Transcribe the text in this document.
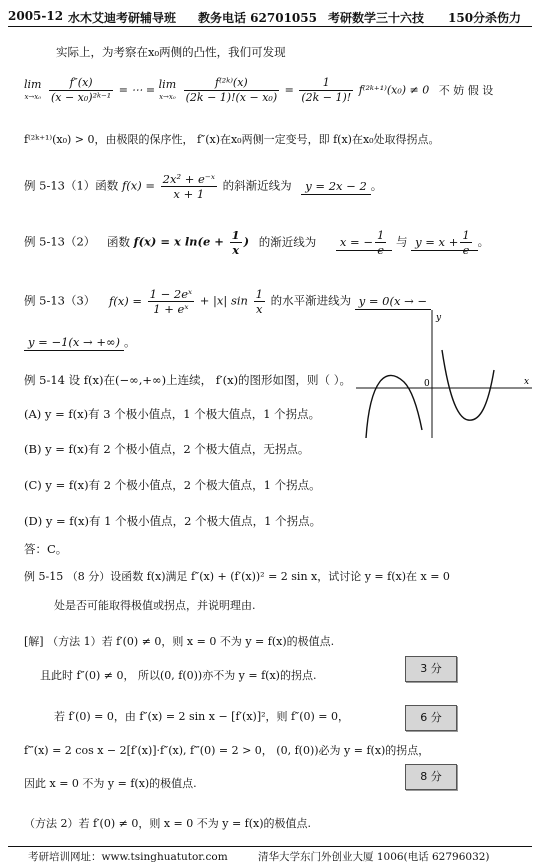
2005-12 水木艾迪考研辅导班 教务电话 62701055 考研数学三十六技 150分杀伤力
实际上，为考察在x₀两侧的凸性，我们可发现
lim
x→x₀
$\frac{f''(x)}{\text{(x − x₀)²ᵏ⁻¹}}$ = ⋯ = lim
x→x₀
$\frac{\text{f⁽²ᵏ⁾(x)}}{\text{(2k − 1)!(x − x₀)}} = \frac{1}{(2k - 1)!}$ f⁽²ᵏ⁺¹⁾(x₀) ≠ 0 不 妨 假 设
f⁽²ᵏ⁺¹⁾(x₀) > 0，由极限的保序性， f″(x)在x₀两侧一定变号，即 f(x)在x₀处取得拐点。
例 5-13（1）函数 $f(x) = \frac{\text{2x² + e⁻ˣ}}{x + 1}$ 的斜渐近线为 y = 2x − 2 。
例 5-13（2） 函数 f(x) = x $\ln(e + \frac{1}{x}$ ) 的渐近线为 x = − $\frac{1}{e}$ 与 $y = x + \frac{1}{e}$ 。
例 5-13（3） $f(x) = \frac{\text{1 − 2eˣ}}{\text{1 + eˣ}} + |x|$ $\sin \frac{1}{x}$ 的水平渐进线为 y = 0(x → −
y = −1(x → +∞) 。
例 5-14 设 f(x)在(−∞,+∞)上连续， f′(x)的图形如图，则（ ）。
(A) y = f(x)有 3 个极小值点，1 个极大值点，1 个拐点。
(B) y = f(x)有 2 个极小值点，2 个极大值点，无拐点。
(C) y = f(x)有 2 个极小值点，2 个极大值点，1 个拐点。
(D) y = f(x)有 1 个极小值点，2 个极大值点，1 个拐点。
答：C。
y
x
0
例 5-15 （8 分）设函数 f(x)满足 f″(x) + (f′(x))² = 2 sin x，试讨论 y = f(x)在 x = 0
处是否可能取得极值或拐点，并说明理由.
[解] （方法 1）若 f′(0) ≠ 0，则 x = 0 不为 y = f(x)的极值点.
且此时 f″(0) ≠ 0， 所以(0, f(0))亦不为 y = f(x)的拐点.
若 f′(0) = 0，由 f″(x) = 2 sin x − [f′(x)]²，则 f″(0) = 0，
f‴(x) = 2 cos x − 2[f′(x)]·f″(x), f‴(0) = 2 > 0， (0, f(0))必为 y = f(x)的拐点，
因此 x = 0 不为 y = f(x)的极值点.
（方法 2）若 f′(0) ≠ 0，则 x = 0 不为 y = f(x)的极值点.
3 分
6 分
8 分
考研培训网址：www.tsinghuatutor.com	清华大学东门外创业大厦 1006(电话 62796032)
